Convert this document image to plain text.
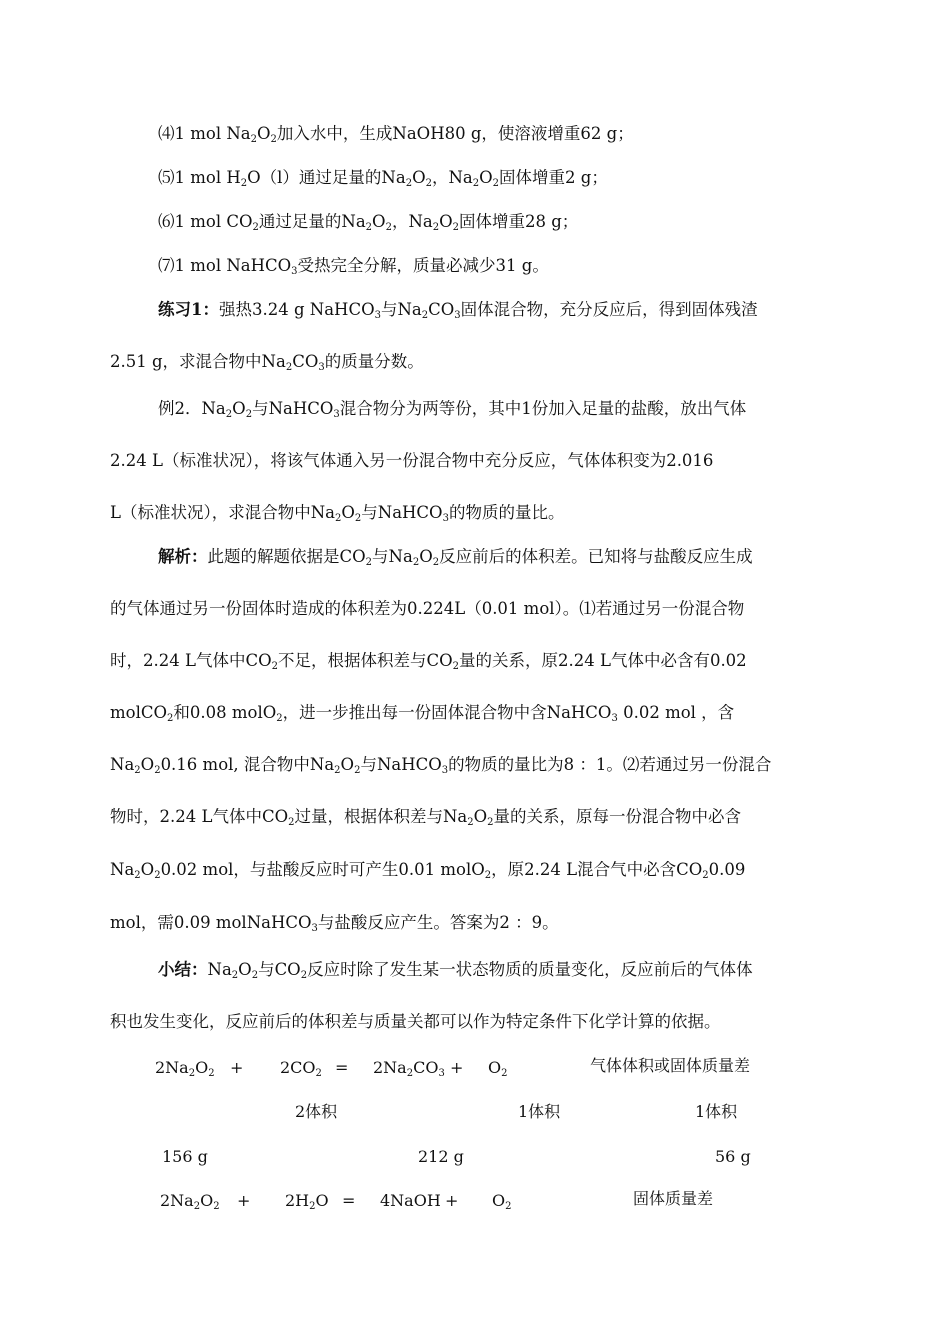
⑷1 mol $Na_2O_2$加入水中，生成NaOH80 g，使溶液增重62 g；
⑸1 mol $H_2O(l)$通过足量的$Na_2O_2$，$Na_2O_2$固体增重2 g；
⑹1 mol $CO_2$通过足量的$Na_2O_2$，$Na_2O_2$固体增重28 g；
⑺1 mol NaHCO$_3$受热完全分解，质量必减少31 g。
练习1：强热3.24 g NaHCO$_3$与$Na_2CO_3$固体混合物，充分反应后，得到固体残渣
2.51 g，求混合物中$Na_2CO_3$的质量分数。
例2．$Na_2O_2$与NaHCO$_3$混合物分为两等份，其中1份加入足量的盐酸，放出气体
2.24 L（标准状况），将该气体通入另一份混合物中充分反应，气体体积变为2.016
L（标准状况），求混合物中$Na_2O_2$与NaHCO$_3$的物质的量比。
解析：此题的解题依据是$CO_2$与$Na_2O_2$反应前后的体积差。已知将与盐酸反应生成
的气体通过另一份固体时造成的体积差为0.224L（0.01 mol）。⑴若通过另一份混合物
时，2.24 L气体中$CO_2$不足，根据体积差与$CO_2$量的关系，原2.24 L气体中必含有0.02
molCO$_2$和0.08 molO$_2$，进一步推出每一份固体混合物中含NaHCO$_3$ 0.02 mol ，含
$Na_2O_20.16$ mol, 混合物中$Na_2O_2$与NaHCO$_3$的物质的量比为8 ：1。⑵若通过另一份混合
物时，2.24 L气体中$CO_2$过量，根据体积差与$Na_2O_2$量的关系，原每一份混合物中必含
$Na_2O_20.02$ mol，与盐酸反应时可产生0.01 molO$_2$，原2.24 L混合气中必含$CO_20.09$
mol，需0.09 molNaHCO$_3$与盐酸反应产生。答案为2 ：9。
小结：$Na_2O_2$与$CO_2$反应时除了发生某一状态物质的质量变化，反应前后的气体体
积也发生变化，反应前后的体积差与质量关都可以作为特定条件下化学计算的依据。
$2Na_2O_2 + 2CO_2 = 2Na_2CO_3 + O_2$	气体体积或固体质量差
2体积	1体积	1体积
156 g	212 g	56 g
$2Na_2O_2 + 2H_2O$ = 4NaOH + $O_2$	固体质量差
